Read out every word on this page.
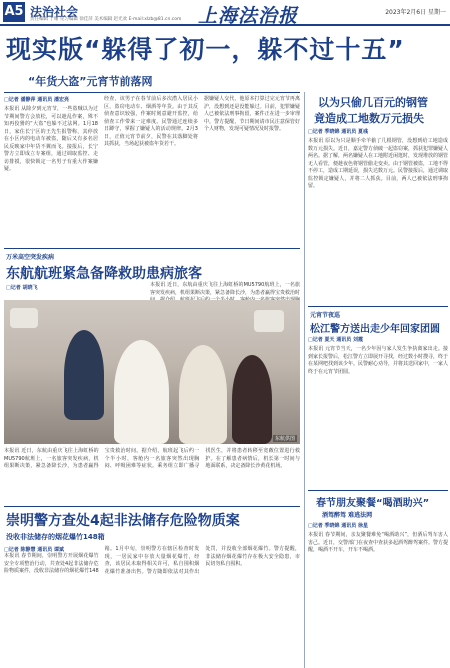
A5 法治社会
责任编辑 于珊 见习编辑 徐佳萍 美术编辑 赵光欢 E-mail:xlzb@81.cn.com 上海法治报	2023年2月6日 星期一
现实版“躲得了初一，躲不过十五”
“年货大盗”元宵节前落网
□记者 潘静萍 通讯员 潘宏亮
本报讯 从除夕到元宵节，一些盗贼以为过节期间警方会放松，可以趁乱作案，殊不知再狡猾的“大盗”也躲不过法网。1月18日，家住长宁区的王先生报警称，其停放在小区内的电动车被盗，随后又有多名居民反映家中年货不翼而飞。接报后，长宁警方立即成立专案组，通过调取监控、走访排摸，很快锁定一名男子有重大作案嫌疑。
经查，该男子在春节前后多次潜入居民小区，盗窃电动车、烟酒等年货。由于其反侦查意识较强，作案时刻意避开监控，给侦查工作带来一定难度。民警通过连续多日蹲守，掌握了嫌疑人的活动规律。2月3日，正值元宵节前夕，民警在其落脚处将其抓获，当场起获被盗年货若干。
据嫌疑人交代，他原本打算过完元宵节再离沪，没想到还是没能躲过。目前，犯罪嫌疑人已被依法刑事拘留，案件正在进一步审理中。警方提醒，节日期间请市民注意保管好个人财物，发现可疑情况及时报警。
以为只偷几百元的钢管
竟造成工地数万元损失
□记者 季晓锦 通讯员 夏彧
本报讯 原以为只是顺手牵羊偷了几根钢管，没想到给工地造成数万元损失。近日，嘉定警方侦破一起盗窃案，抓获犯罪嫌疑人两名。据了解，两名嫌疑人在工地附近闲逛时，发现堆放的钢管无人看管，便趁夜色将钢管偷走变卖。由于钢管被盗，工地不得不停工，造成工期延误，损失达数万元。民警接报后，通过调取监控锁定嫌疑人，并将二人抓获。目前，两人已被依法刑事拘留。
万米高空突发疾病
东航航班紧急备降救助患病旅客
□记者 胡晓飞	本报讯 近日，东航由重庆飞往上海虹桥的MU5790航班上，一名旅客突发疾病，机组果断决策，紧急备降长沙，为患者赢得宝贵救治时
东航供图
本报讯 近日，东航由重庆飞往上海虹桥的MU5790航班上，一名旅客突发疾病，机组果断决策，紧急备降长沙，为患者赢得宝贵救治时间。据介绍，航班起飞后约一个半小时，客舱内一名旅客突然出现胸闷、呼吸困难等症状。乘务组立即广播寻找医生，并将患者转移至宽敞位置进行救护。在了解患者病情后，机长第一时间与地面联系，决定备降长沙黄花机场。
崇明警方查处4起非法储存危险物质案
没收非法储存的烟花爆竹148箱
□记者 陈静慧 通讯员 谭斌
本报讯 春节期间，崇明警方开展烟花爆竹安全专项整治行动，共查处4起非法储存危险物质案件，没收非法储存的烟花爆竹148箱。1月中旬，崇明警方在辖区检查时发现，一居民家中存放大量烟花爆竹，经查，该居民未取得相关许可，私自囤积烟花爆竹准备出售。警方随即依法对其作出处罚，并没收全部烟花爆竹。警方提醒，非法储存烟花爆竹存在极大安全隐患，市民切勿私自囤积。
元宵节夜巡
松江警方送出走少年回家团圆
□记者 夏天 通讯员 刘霞
本报讯 元宵节当天，一名少年因与家人发生争执离家出走。接到家长报警后，松江警方立即展开寻找，经过数小时搜寻，终于在某网吧找到该少年。民警耐心劝导，并将其送回家中，一家人终于在元宵节团圆。
春节朋友聚餐“喝酒助兴”
酒驾醉驾 难逃法网
□记者 季晓锦 通讯员 徐星
本报讯 春节期间，亲友聚餐难免“喝酒助兴”，但酒后驾车害人害己。近日，交警部门在夜查中查获多起酒驾醉驾案件。警方提醒，喝酒不开车，开车不喝酒。
